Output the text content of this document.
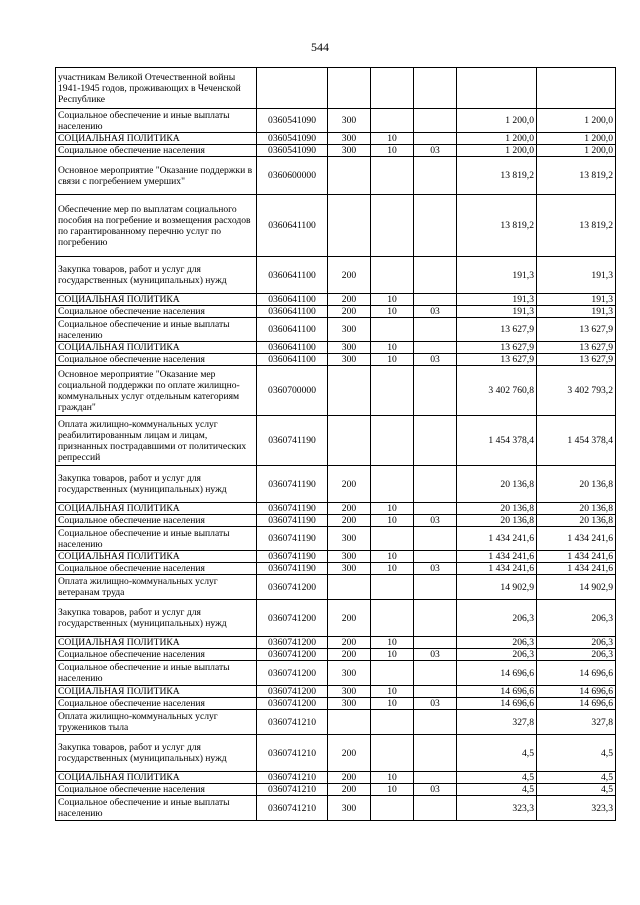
544
участникам Великой Отечественной войны 1941-1945 годов, проживающих в Чеченской Республике						
Социальное обеспечение и иные выплаты населению	0360541090	300			1 200,0	1 200,0
СОЦИАЛЬНАЯ ПОЛИТИКА	0360541090	300	10		1 200,0	1 200,0
Социальное обеспечение населения	0360541090	300	10	03	1 200,0	1 200,0
Основное мероприятие "Оказание поддержки в связи с погребением умерших"	0360600000				13 819,2	13 819,2
Обеспечение мер по выплатам социального пособия на погребение и возмещения расходов по гарантированному перечню услуг по погребению	0360641100				13 819,2	13 819,2
Закупка товаров, работ и услуг для государственных (муниципальных) нужд	0360641100	200			191,3	191,3
СОЦИАЛЬНАЯ ПОЛИТИКА	0360641100	200	10		191,3	191,3
Социальное обеспечение населения	0360641100	200	10	03	191,3	191,3
Социальное обеспечение и иные выплаты населению	0360641100	300			13 627,9	13 627,9
СОЦИАЛЬНАЯ ПОЛИТИКА	0360641100	300	10		13 627,9	13 627,9
Социальное обеспечение населения	0360641100	300	10	03	13 627,9	13 627,9
Основное мероприятие "Оказание мер социальной поддержки по оплате жилищно-коммунальных услуг отдельным категориям граждан"	0360700000				3 402 760,8	3 402 793,2
Оплата жилищно-коммунальных услуг реабилитированным лицам и лицам, признанных пострадавшими от политических репрессий	0360741190				1 454 378,4	1 454 378,4
Закупка товаров, работ и услуг для государственных (муниципальных) нужд	0360741190	200			20 136,8	20 136,8
СОЦИАЛЬНАЯ ПОЛИТИКА	0360741190	200	10		20 136,8	20 136,8
Социальное обеспечение населения	0360741190	200	10	03	20 136,8	20 136,8
Социальное обеспечение и иные выплаты населению	0360741190	300			1 434 241,6	1 434 241,6
СОЦИАЛЬНАЯ ПОЛИТИКА	0360741190	300	10		1 434 241,6	1 434 241,6
Социальное обеспечение населения	0360741190	300	10	03	1 434 241,6	1 434 241,6
Оплата жилищно-коммунальных услуг ветеранам труда	0360741200				14 902,9	14 902,9
Закупка товаров, работ и услуг для государственных (муниципальных) нужд	0360741200	200			206,3	206,3
СОЦИАЛЬНАЯ ПОЛИТИКА	0360741200	200	10		206,3	206,3
Социальное обеспечение населения	0360741200	200	10	03	206,3	206,3
Социальное обеспечение и иные выплаты населению	0360741200	300			14 696,6	14 696,6
СОЦИАЛЬНАЯ ПОЛИТИКА	0360741200	300	10		14 696,6	14 696,6
Социальное обеспечение населения	0360741200	300	10	03	14 696,6	14 696,6
Оплата жилищно-коммунальных услуг тружеников тыла	0360741210				327,8	327,8
Закупка товаров, работ и услуг для государственных (муниципальных) нужд	0360741210	200			4,5	4,5
СОЦИАЛЬНАЯ ПОЛИТИКА	0360741210	200	10		4,5	4,5
Социальное обеспечение населения	0360741210	200	10	03	4,5	4,5
Социальное обеспечение и иные выплаты населению	0360741210	300			323,3	323,3
